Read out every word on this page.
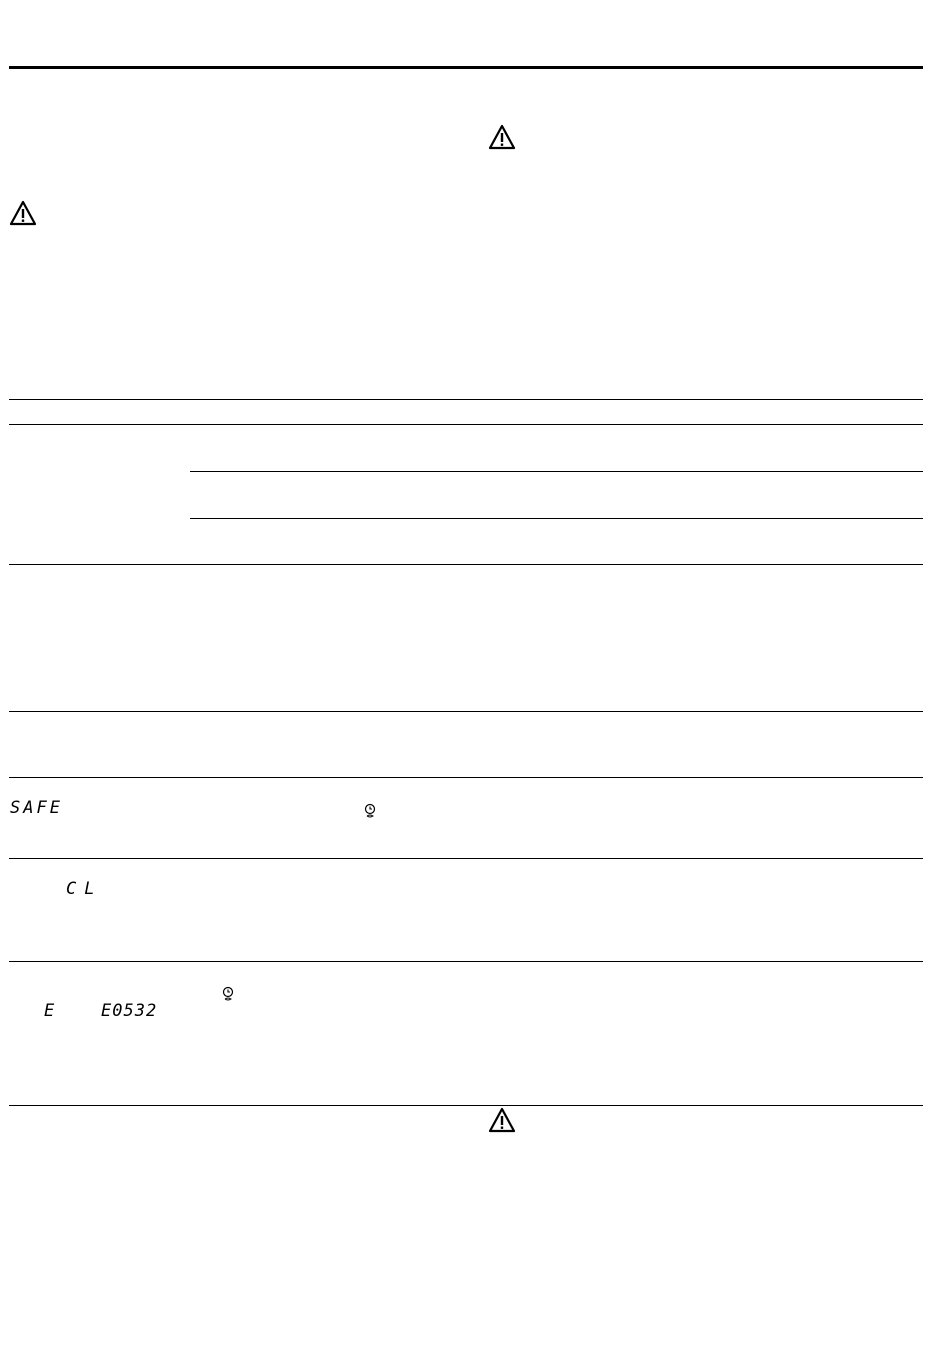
SAFE
CL
E	E0532
